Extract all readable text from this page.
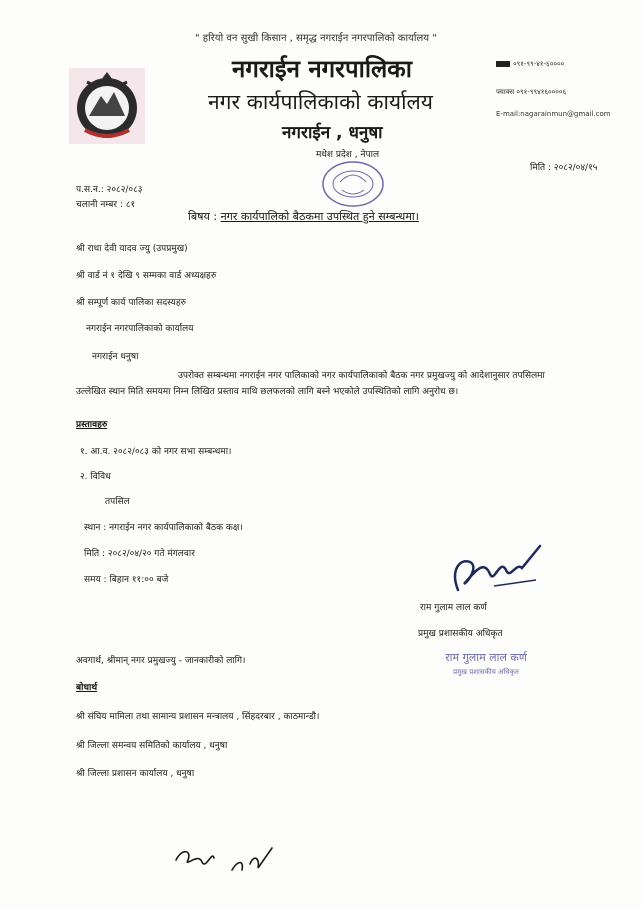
" हरियो वन सुखी किसान , समृद्ध नगराईन नगरपालिको कार्यालय "
नगराईन नगरपालिका
नगर कार्यपालिकाको कार्यालय
नगराईन , धनुषा
मधेश प्रदेश , नेपाल
०९१-९९-४१-६००००
फ्याक्स ०९१-९९४१६००००६
E-mail:nagarainmun@gmail.com
मिति : २०८२/०४/१५
प.स.न.: २०८२/०८३
चलानी नम्बर : ८१
बिषय : नगर कार्यपालिको बैठकमा उपस्थित हुने सम्बन्धमा।
श्री राधा देवी यादव ज्यु (उपप्रमुख)
श्री वार्ड नं १ देखि ९ सम्मका वार्ड अध्यक्षहरु
श्री सम्पूर्ण कार्य पालिका सदस्यहरु
नगराईन नगरपालिकाको कार्यालय
नगराईन धनुषा
उपरोक्त सम्बन्धमा नगराईन नगर पालिकाको नगर कार्यपालिकाको बैठक नगर प्रमुखज्यु को आदेशानुसार तपसिलमा उल्लेखित स्थान मिति समयमा निम्न लिखित प्रस्ताव माथि छलफलको लागि बस्ने भएकोले उपस्थितिको लागि अनुरोध छ।
प्रस्तावहरु
१. आ.व. २०८२/०८३ को नगर सभा सम्बन्धमा।
२. विविध
तपसिल
स्थान : नगराईन नगर कार्यपालिकाको बैठक कक्ष।
मिति : २०८२/०४/२० गते मंगलवार
समय : बिहान ११:०० बजे
राम गुलाम लाल कर्ण
प्रमुख प्रशासकीय अधिकृत
राम गुलाम लाल कर्ण
प्रमुख प्रशासकीय अधिकृत
अवगार्थ, श्रीमान् नगर प्रमुखज्यु - जानकारीको लागि।
बोधार्थ
श्री संघिय मामिला तथा सामान्य प्रशासन मन्त्रालय , सिंहदरबार , काठमान्डौ।
श्री जिल्ला समन्वय समितिको कार्यालय , धनुषा
श्री जिल्ला प्रशासन कार्यालय , धनुषा
